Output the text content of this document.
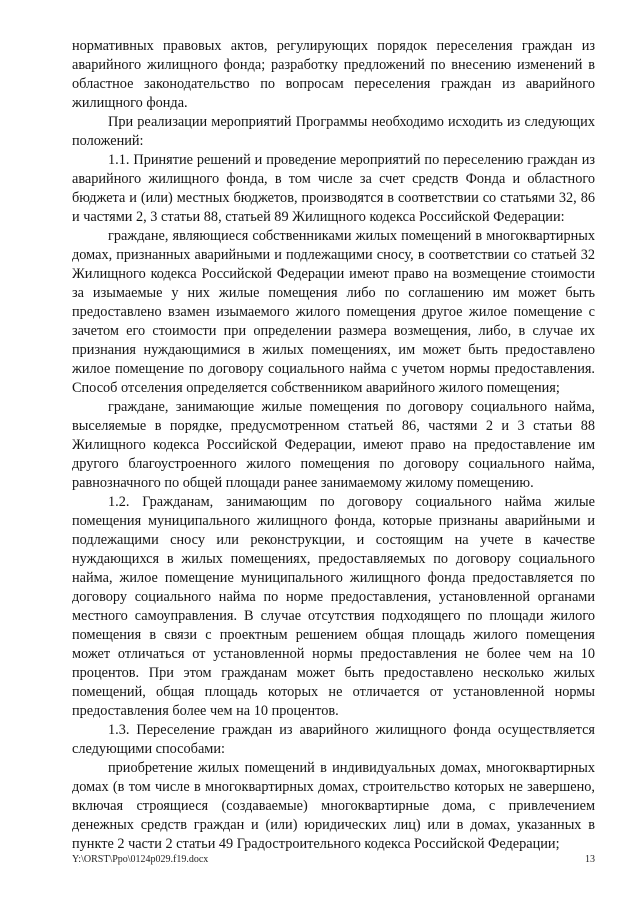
нормативных правовых актов, регулирующих порядок переселения граждан из аварийного жилищного фонда; разработку предложений по внесению изменений в областное законодательство по вопросам переселения граждан из аварийного жилищного фонда.

При реализации мероприятий Программы необходимо исходить из следующих положений:

1.1. Принятие решений и проведение мероприятий по переселению граждан из аварийного жилищного фонда, в том числе за счет средств Фонда и областного бюджета и (или) местных бюджетов, производятся в соответствии со статьями 32, 86 и частями 2, 3 статьи 88, статьей 89 Жилищного кодекса Российской Федерации:

граждане, являющиеся собственниками жилых помещений в многоквартирных домах, признанных аварийными и подлежащими сносу, в соответствии со статьей 32 Жилищного кодекса Российской Федерации имеют право на возмещение стоимости за изымаемые у них жилые помещения либо по соглашению им может быть предоставлено взамен изымаемого жилого помещения другое жилое помещение с зачетом его стоимости при определении размера возмещения, либо, в случае их признания нуждающимися в жилых помещениях, им может быть предоставлено жилое помещение по договору социального найма с учетом нормы предоставления. Способ отселения определяется собственником аварийного жилого помещения;

граждане, занимающие жилые помещения по договору социального найма, выселяемые в порядке, предусмотренном статьей 86, частями 2 и 3 статьи 88 Жилищного кодекса Российской Федерации, имеют право на предоставление им другого благоустроенного жилого помещения по договору социального найма, равнозначного по общей площади ранее занимаемому жилому помещению.

1.2. Гражданам, занимающим по договору социального найма жилые помещения муниципального жилищного фонда, которые признаны аварийными и подлежащими сносу или реконструкции, и состоящим на учете в качестве нуждающихся в жилых помещениях, предоставляемых по договору социального найма, жилое помещение муниципального жилищного фонда предоставляется по договору социального найма по норме предоставления, установленной органами местного самоуправления. В случае отсутствия подходящего по площади жилого помещения в связи с проектным решением общая площадь жилого помещения может отличаться от установленной нормы предоставления не более чем на 10 процентов. При этом гражданам может быть предоставлено несколько жилых помещений, общая площадь которых не отличается от установленной нормы предоставления более чем на 10 процентов.

1.3. Переселение граждан из аварийного жилищного фонда осуществляется следующими способами:

приобретение жилых помещений в индивидуальных домах, многоквартирных домах (в том числе в многоквартирных домах, строительство которых не завершено, включая строящиеся (создаваемые) многоквартирные дома, с привлечением денежных средств граждан и (или) юридических лиц) или в домах, указанных в пункте 2 части 2 статьи 49 Градостроительного кодекса Российской Федерации;

Y:\ORST\Ppo\0124p029.f19.docx	13
